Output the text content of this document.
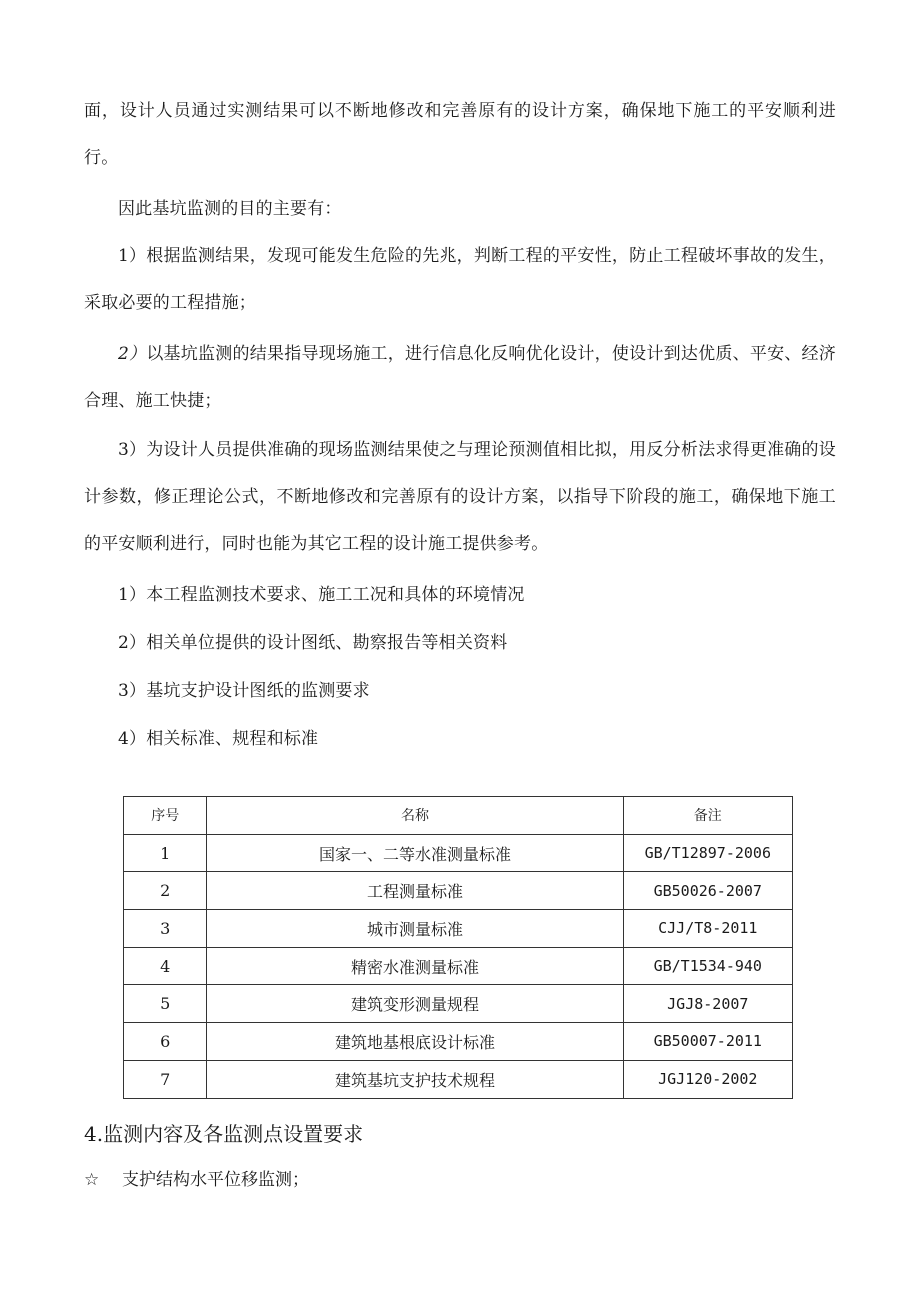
面，设计人员通过实测结果可以不断地修改和完善原有的设计方案，确保地下施工的平安顺利进行。
因此基坑监测的目的主要有：
1）根据监测结果，发现可能发生危险的先兆，判断工程的平安性，防止工程破坏事故的发生，采取必要的工程措施；
2）以基坑监测的结果指导现场施工，进行信息化反响优化设计，使设计到达优质、平安、经济合理、施工快捷；
3）为设计人员提供准确的现场监测结果使之与理论预测值相比拟，用反分析法求得更准确的设计参数，修正理论公式，不断地修改和完善原有的设计方案，以指导下阶段的施工，确保地下施工的平安顺利进行，同时也能为其它工程的设计施工提供参考。
1）本工程监测技术要求、施工工况和具体的环境情况
2）相关单位提供的设计图纸、勘察报告等相关资料
3）基坑支护设计图纸的监测要求
4）相关标准、规程和标准
序号	名称	备注
1	国家一、二等水准测量标准	GB/T12897-2006
2	工程测量标准	GB50026-2007
3	城市测量标准	CJJ/T8-2011
4	精密水准测量标准	GB/T1534-940
5	建筑变形测量规程	JGJ8-2007
6	建筑地基根底设计标准	GB50007-2011
7	建筑基坑支护技术规程	JGJ120-2002
4.监测内容及各监测点设置要求
☆ 支护结构水平位移监测；
